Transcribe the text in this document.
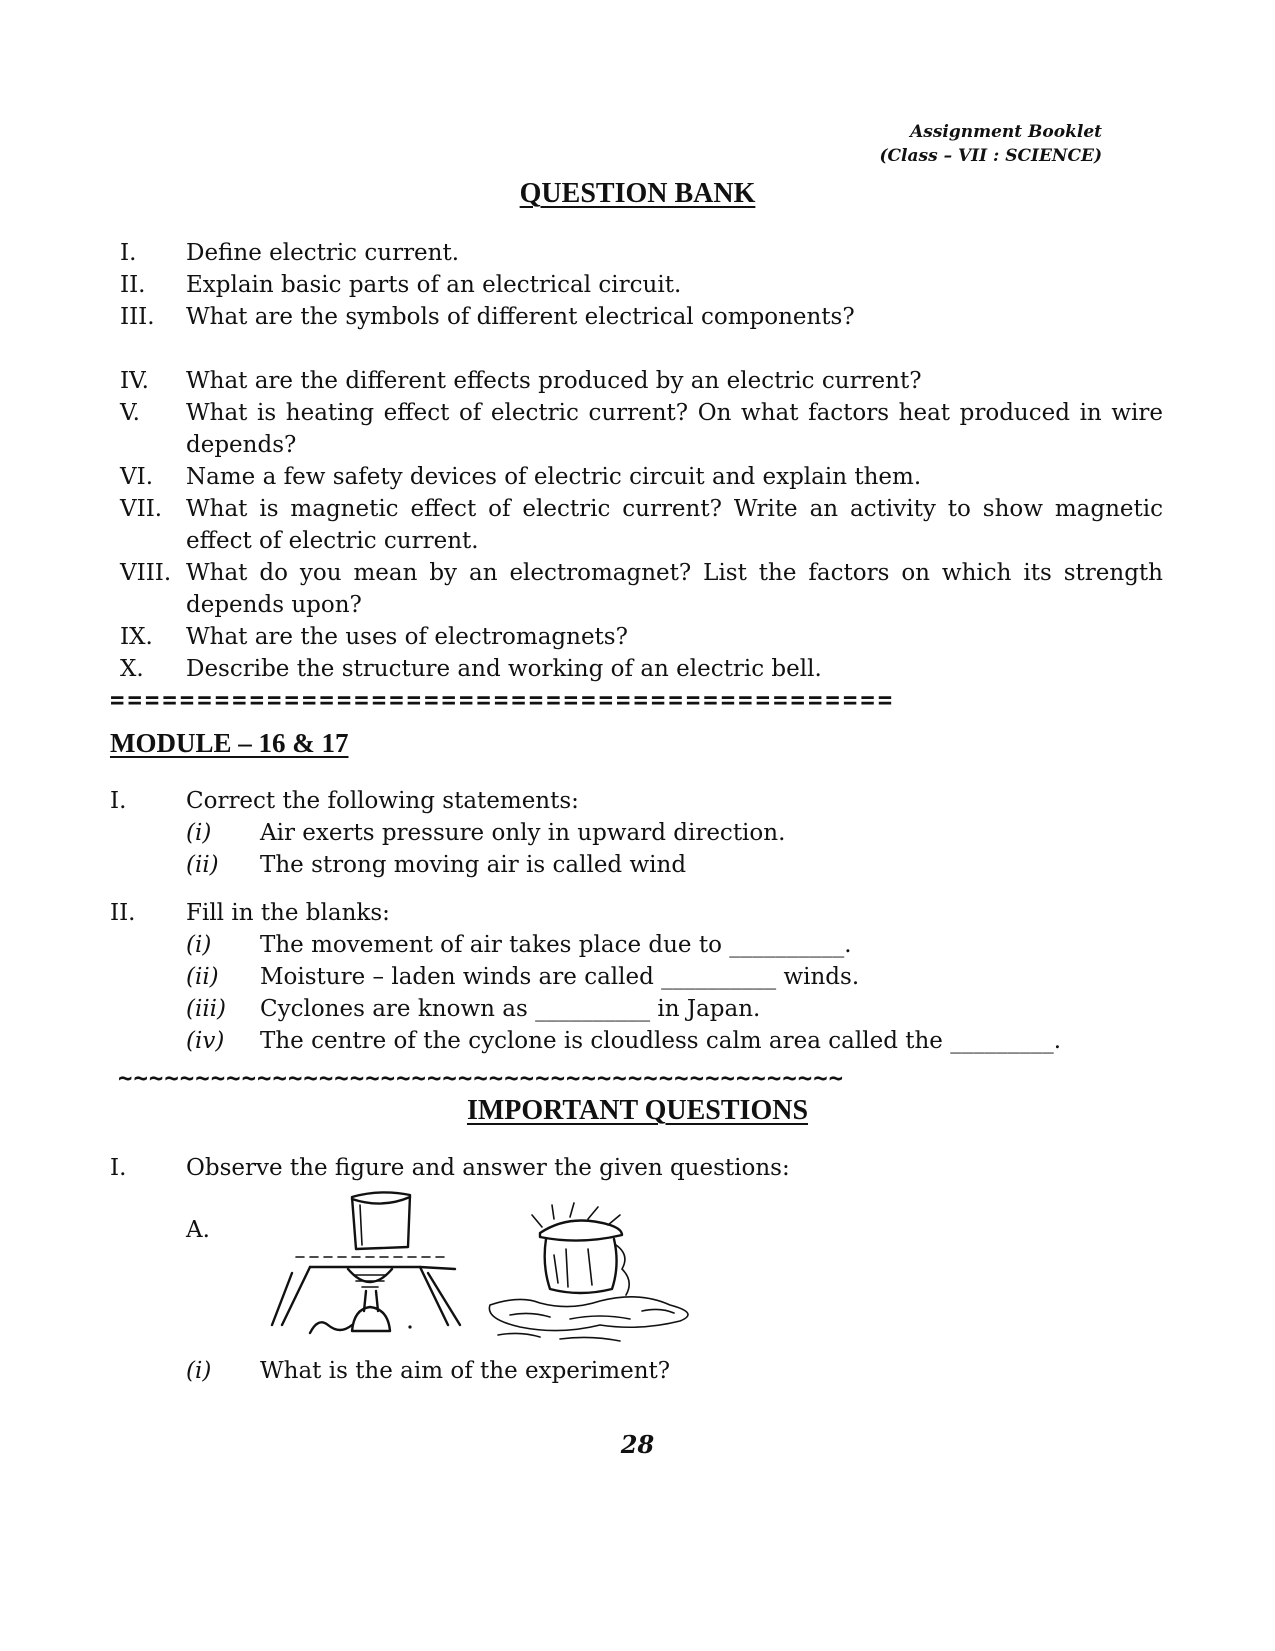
Assignment Booklet
(Class – VII : SCIENCE)
QUESTION BANK
I. Define electric current.
II. Explain basic parts of an electrical circuit.
III. What are the symbols of different electrical components?
IV. What are the different effects produced by an electric current?
V. What is heating effect of electric current? On what factors heat produced in wire depends?
VI. Name a few safety devices of electric circuit and explain them.
VII. What is magnetic effect of electric current? Write an activity to show magnetic effect of electric current.
VIII. What do you mean by an electromagnet? List the factors on which its strength depends upon?
IX. What are the uses of electromagnets?
X. Describe the structure and working of an electric bell.
=============================================
MODULE – 16 & 17
I.	Correct the following statements:
(i) Air exerts pressure only in upward direction.
(ii) The strong moving air is called wind
II. Fill in the blanks:
(i) The movement of air takes place due to __________.
(ii) Moisture – laden winds are called __________ winds.
(iii) Cyclones are known as __________ in Japan.
(iv) The centre of the cyclone is cloudless calm area called the _________.
~~~~~~~~~~~~~~~~~~~~~~~~~~~~~~~~~~~~~~~~~~~~~~~
IMPORTANT QUESTIONS
I.	Observe the figure and answer the given questions:
A.
(i) What is the aim of the experiment?
28
